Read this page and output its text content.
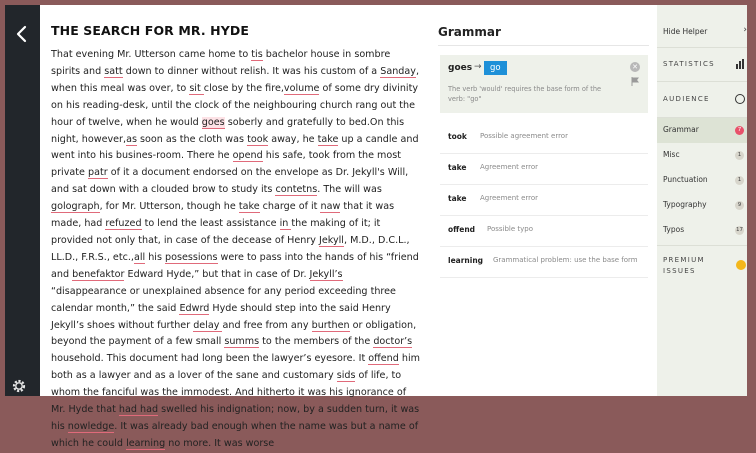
THE SEARCH FOR MR. HYDE

That evening Mr. Utterson came home to tis bachelor house in sombre spirits and satt down to dinner without relish. It was his custom of a Sanday, when this meal was over, to sit close by the fire,volume of some dry divinity on his reading-desk, until the clock of the neighbouring church rang out the hour of twelve, when he would goes soberly and gratefully to bed.On this night, however,as soon as the cloth was took away, he take up a candle and went into his busines-room. There he opend his safe, took from the most private patr of it a document endorsed on the envelope as Dr. Jekyll's Will, and sat down with a clouded brow to study its contetns. The will was golograph, for Mr. Utterson, though he take charge of it naw that it was made, had refuzed to lend the least assistance in the making of it; it provided not only that, in case of the decease of Henry Jekyll, M.D., D.C.L., LL.D., F.R.S., etc.,all his posessions were to pass into the hands of his “friend and benefaktor Edward Hyde,” but that in case of Dr. Jekyll’s “disappearance or unexplained absence for any period exceeding three calendar month,” the said Edwrd Hyde should step into the said Henry Jekyll’s shoes without further delay and free from any burthen or obligation, beyond the payment of a few small summs to the members of the doctor’s household. This document had long been the lawyer’s eyesore. It offend him both as a lawyer and as a lover of the sane and customary sids of life, to whom the fanciful was the immodest. And hitherto it was his ignorance of Mr. Hyde that had had swelled his indignation; now, by a sudden turn, it was his nowledge. It was already bad enough when the name was but a name of which he could learning no more. It was worse

Grammar
goes → go	✕
The verb 'would' requires the base form of the verb: "go"
took Possible agreement error
take Agreement error
take Agreement error
offend Possible typo
learning Grammatical problem: use the base form
Hide Helper	›
STATISTICS
AUDIENCE
Grammar	7
Misc	1
Punctuation	1
Typography	9
Typos	17
PREMIUM ISSUES
